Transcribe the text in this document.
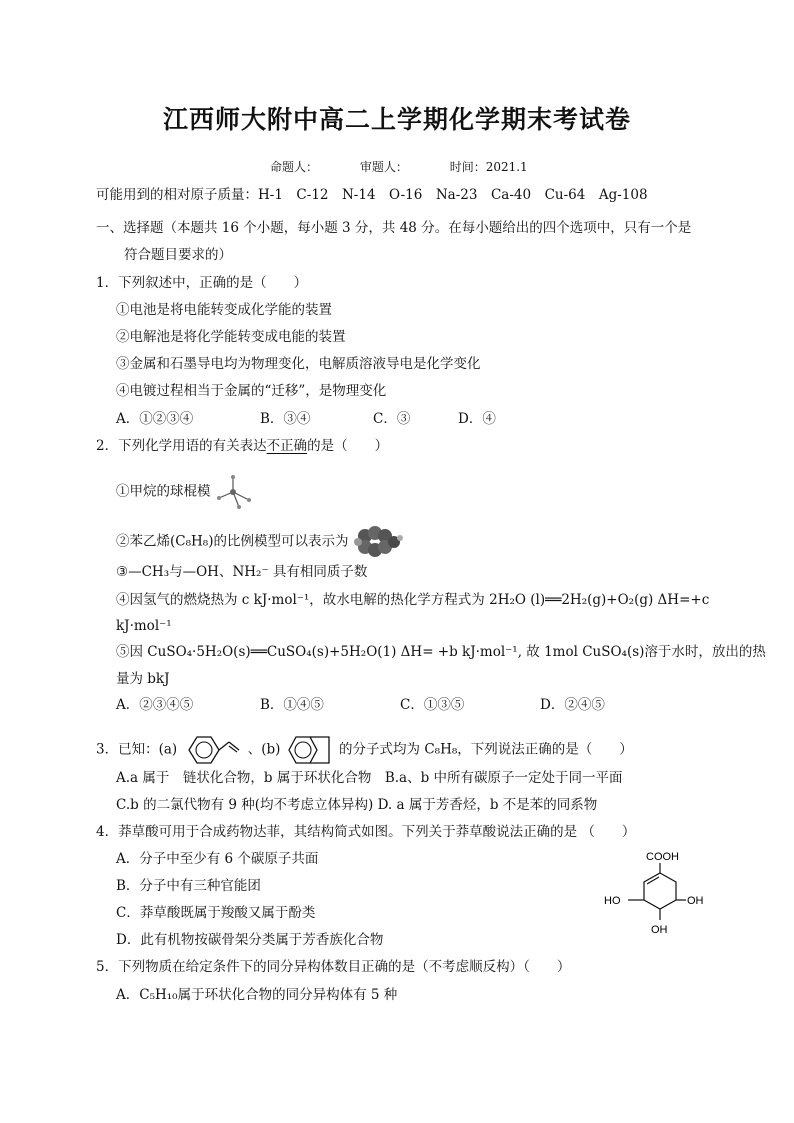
江西师大附中高二上学期化学期末考试卷
命题人：	审题人：	时间：2021.1
可能用到的相对原子质量：H-1　C-12　N-14　O-16　Na-23　Ca-40　Cu-64　Ag-108
一、选择题（本题共 16 个小题，每小题 3 分，共 48 分。在每小题给出的四个选项中，只有一个是
符合题目要求的）
1．下列叙述中，正确的是（　　）
①电池是将电能转变成化学能的装置
②电解池是将化学能转变成电能的装置
③金属和石墨导电均为物理变化，电解质溶液导电是化学变化
④电镀过程相当于金属的“迁移”，是物理变化
A．①②③④	B．③④	C．③	D．④
2．下列化学用语的有关表达不正确的是（　　）
①甲烷的球棍模
②苯乙烯(C₈H₈)的比例模型可以表示为
③—CH₃与—OH、NH₂⁻ 具有相同质子数
④因氢气的燃烧热为 c kJ·mol⁻¹，故水电解的热化学方程式为 2H₂O (l)══2H₂(g)+O₂(g) ΔH=+c
kJ·mol⁻¹
⑤因 CuSO₄·5H₂O(s)══CuSO₄(s)+5H₂O(1) ΔH= +b kJ·mol⁻¹, 故 1mol CuSO₄(s)溶于水时，放出的热
量为 bkJ
A．②③④⑤	B．①④⑤	C．①③⑤	D．②④⑤
3．已知：(a)	、(b)	的分子式均为 C₈H₈，下列说法正确的是（　　）
A.a 属于　链状化合物，b 属于环状化合物　B.a、b 中所有碳原子一定处于同一平面
C.b 的二氯代物有 9 种(均不考虑立体异构) D. a 属于芳香烃，b 不是苯的同系物
4．莽草酸可用于合成药物达菲，其结构简式如图。下列关于莽草酸说法正确的是 （　　）
A．分子中至少有 6 个碳原子共面
B．分子中有三种官能团
C．莽草酸既属于羧酸又属于酚类
D．此有机物按碳骨架分类属于芳香族化合物
COOH
HO	OH
OH
5．下列物质在给定条件下的同分异构体数目正确的是（不考虑顺反构）（　　）
A．C₅H₁₀属于环状化合物的同分异构体有 5 种
